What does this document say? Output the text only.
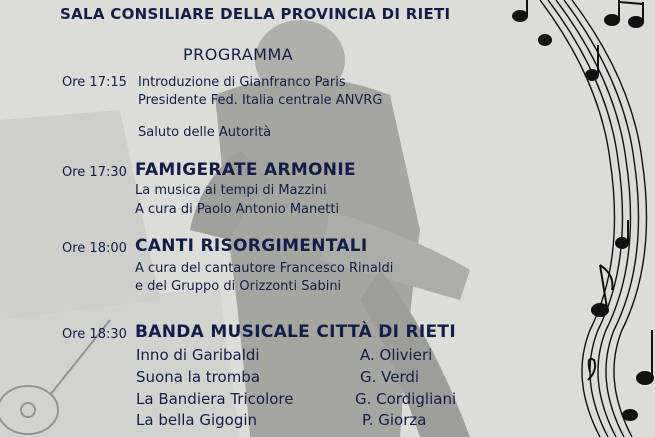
SALA CONSILIARE DELLA PROVINCIA DI RIETI
PROGRAMMA
Ore 17:15 Introduzione di Gianfranco Paris
Presidente Fed. Italia centrale ANVRG
Saluto delle Autorità
Ore 17:30 FAMIGERATE ARMONIE
La musica ai tempi di Mazzini
A cura di Paolo Antonio Manetti
Ore 18:00 CANTI RISORGIMENTALI
A cura del cantautore Francesco Rinaldi
e del Gruppo di Orizzonti Sabini
Ore 18:30 BANDA MUSICALE CITTÀ DI RIETI
Inno di Garibaldi	A. Olivieri
Suona la tromba	G. Verdi
La Bandiera Tricolore	G. Cordigliani
La bella Gigogin	P. Giorza
